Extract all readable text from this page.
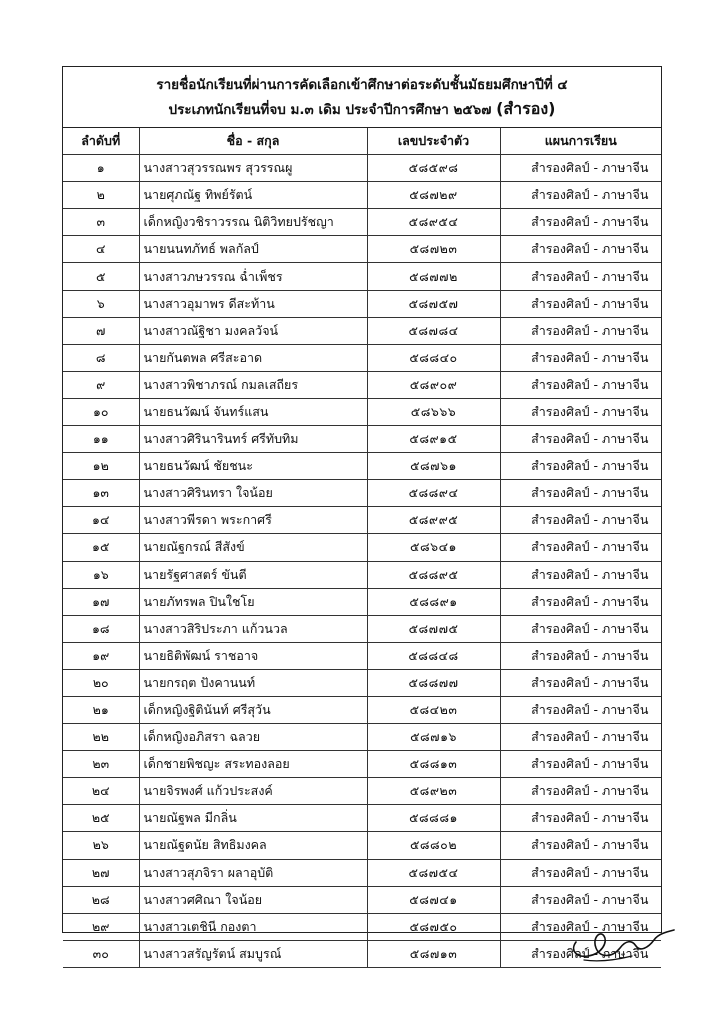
รายชื่อนักเรียนที่ผ่านการคัดเลือกเข้าศึกษาต่อระดับชั้นมัธยมศึกษาปีที่ ๔
ประเภทนักเรียนที่จบ ม.๓ เดิม ประจำปีการศึกษา ๒๕๖๗ (สำรอง)
ลำดับที่	ชื่อ - สกุล	เลขประจำตัว	แผนการเรียน
๑	นางสาวสุวรรณพร สุวรรณผู	๕๘๕๙๘	สำรองศิลป์ - ภาษาจีน
๒	นายศุภณัฐ ทิพย์รัตน์	๕๘๗๒๙	สำรองศิลป์ - ภาษาจีน
๓	เด็กหญิงวชิราวรรณ นิติวิทยปรัชญา	๕๘๙๕๔	สำรองศิลป์ - ภาษาจีน
๔	นายนนทภัทธ์ พลกัลป์	๕๘๗๒๓	สำรองศิลป์ - ภาษาจีน
๕	นางสาวภษวรรณ ฉ่ำเพ็ชร	๕๘๗๗๒	สำรองศิลป์ - ภาษาจีน
๖	นางสาวอุมาพร ดีสะท้าน	๕๘๗๕๗	สำรองศิลป์ - ภาษาจีน
๗	นางสาวณัฐิชา มงคลวัจน์	๕๘๗๘๔	สำรองศิลป์ - ภาษาจีน
๘	นายกันตพล ศรีสะอาด	๕๘๘๔๐	สำรองศิลป์ - ภาษาจีน
๙	นางสาวพิชาภรณ์ กมลเสถียร	๕๘๙๐๙	สำรองศิลป์ - ภาษาจีน
๑๐	นายธนวัฒน์ จันทร์แสน	๕๘๖๖๖	สำรองศิลป์ - ภาษาจีน
๑๑	นางสาวศิรินารินทร์ ศรีทับทิม	๕๘๙๑๕	สำรองศิลป์ - ภาษาจีน
๑๒	นายธนวัฒน์ ชัยชนะ	๕๘๗๖๑	สำรองศิลป์ - ภาษาจีน
๑๓	นางสาวศิรินทรา ใจน้อย	๕๘๘๙๔	สำรองศิลป์ - ภาษาจีน
๑๔	นางสาวพีรดา พระกาศรี	๕๘๙๙๕	สำรองศิลป์ - ภาษาจีน
๑๕	นายณัฐกรณ์ สีสังข์	๕๘๖๔๑	สำรองศิลป์ - ภาษาจีน
๑๖	นายรัฐศาสตร์ ขันตี	๕๘๘๙๕	สำรองศิลป์ - ภาษาจีน
๑๗	นายภัทรพล ปินใชโย	๕๘๘๙๑	สำรองศิลป์ - ภาษาจีน
๑๘	นางสาวสิริประภา แก้วนวล	๕๘๗๗๕	สำรองศิลป์ - ภาษาจีน
๑๙	นายธิติพัฒน์ ราชอาจ	๕๘๘๔๘	สำรองศิลป์ - ภาษาจีน
๒๐	นายกรฤต ปังคานนท์	๕๘๘๗๗	สำรองศิลป์ - ภาษาจีน
๒๑	เด็กหญิงฐิตินันท์ ศรีสุวัน	๕๘๔๒๓	สำรองศิลป์ - ภาษาจีน
๒๒	เด็กหญิงอภิสรา ฉลวย	๕๘๗๑๖	สำรองศิลป์ - ภาษาจีน
๒๓	เด็กชายพิชญะ สระทองลอย	๕๘๘๑๓	สำรองศิลป์ - ภาษาจีน
๒๔	นายจิรพงศ์ แก้วประสงค์	๕๘๙๒๓	สำรองศิลป์ - ภาษาจีน
๒๕	นายณัฐพล มีกลิ่น	๕๘๘๘๑	สำรองศิลป์ - ภาษาจีน
๒๖	นายณัฐดนัย สิทธิมงคล	๕๘๘๐๒	สำรองศิลป์ - ภาษาจีน
๒๗	นางสาวสุภจิรา ผลาอุบัติ	๕๘๗๕๔	สำรองศิลป์ - ภาษาจีน
๒๘	นางสาวศศิณา ใจน้อย	๕๘๗๔๑	สำรองศิลป์ - ภาษาจีน
๒๙	นางสาวเตชินี กองตา	๕๘๗๕๐	สำรองศิลป์ - ภาษาจีน
๓๐	นางสาวสรัญรัตน์ สมบูรณ์	๕๘๗๑๓	สำรองศิลป์ - ภาษาจีน
